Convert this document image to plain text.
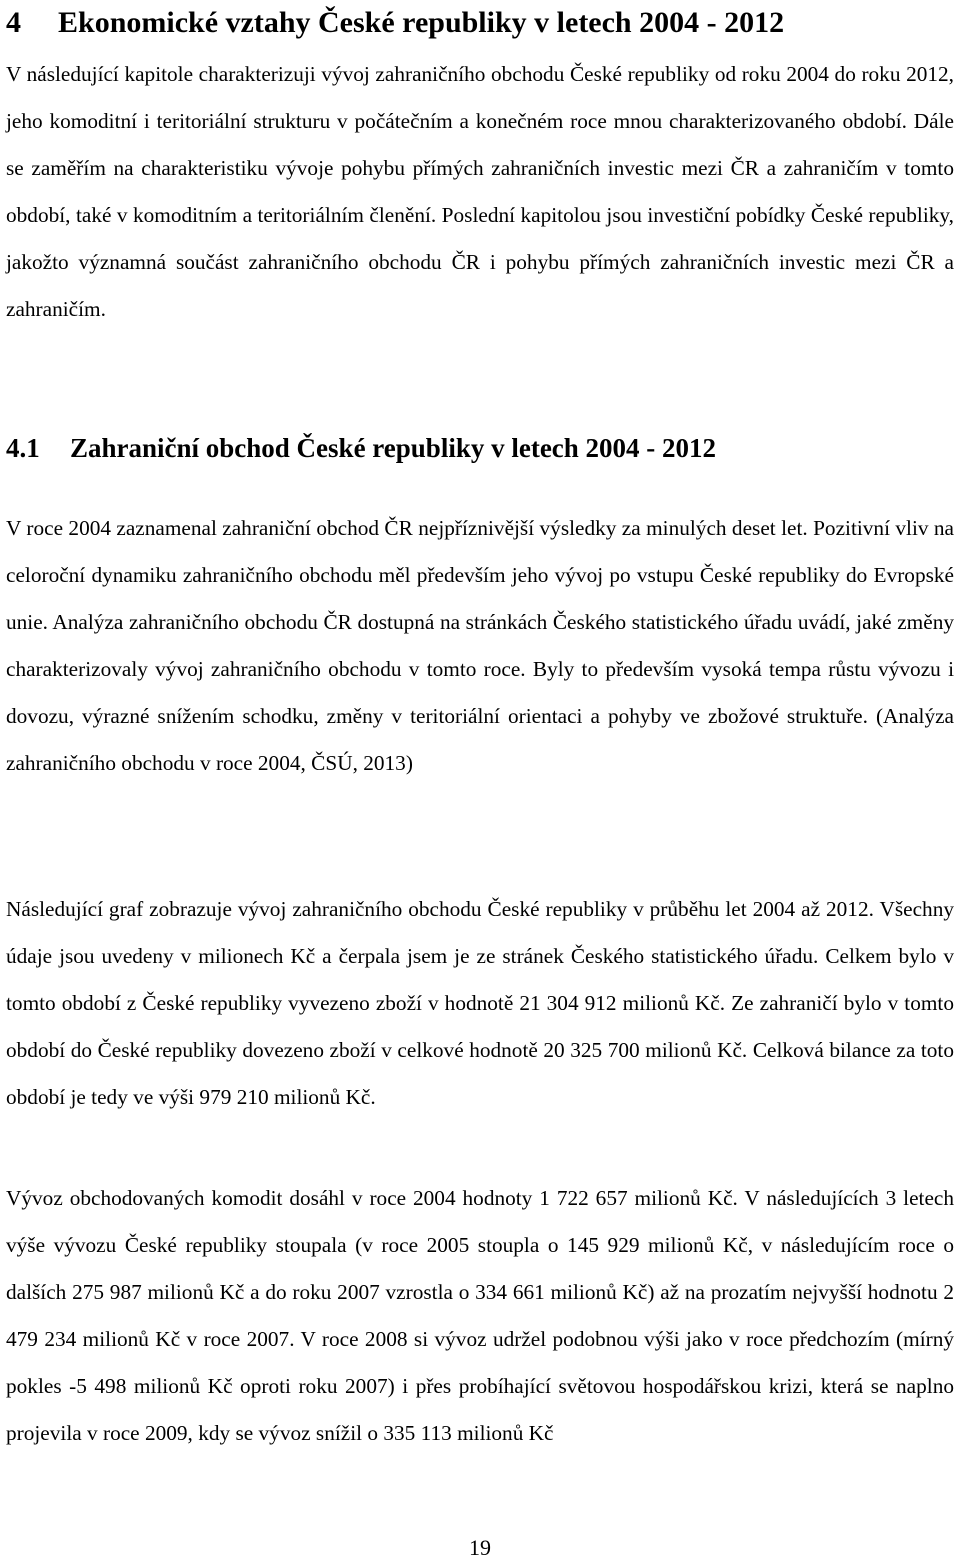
4 Ekonomické vztahy České republiky v letech 2004 - 2012

V následující kapitole charakterizuji vývoj zahraničního obchodu České republiky od roku 2004 do roku 2012, jeho komoditní i teritoriální strukturu v počátečním a konečném roce mnou charakterizovaného období. Dále se zaměřím na charakteristiku vývoje pohybu přímých zahraničních investic mezi ČR a zahraničím v tomto období, také v komoditním a teritoriálním členění. Poslední kapitolou jsou investiční pobídky České republiky, jakožto významná součást zahraničního obchodu ČR i pohybu přímých zahraničních investic mezi ČR a zahraničím.

4.1 Zahraniční obchod České republiky v letech 2004 - 2012

V roce 2004 zaznamenal zahraniční obchod ČR nejpříznivější výsledky za minulých deset let. Pozitivní vliv na celoroční dynamiku zahraničního obchodu měl především jeho vývoj po vstupu České republiky do Evropské unie. Analýza zahraničního obchodu ČR dostupná na stránkách Českého statistického úřadu uvádí, jaké změny charakterizovaly vývoj zahraničního obchodu v tomto roce. Byly to především vysoká tempa růstu vývozu i dovozu, výrazné snížením schodku, změny v teritoriální orientaci a pohyby ve zbožové struktuře. (Analýza zahraničního obchodu v roce 2004, ČSÚ, 2013)

Následující graf zobrazuje vývoj zahraničního obchodu České republiky v průběhu let 2004 až 2012. Všechny údaje jsou uvedeny v milionech Kč a čerpala jsem je ze stránek Českého statistického úřadu. Celkem bylo v tomto období z České republiky vyvezeno zboží v hodnotě 21 304 912 milionů Kč. Ze zahraničí bylo v tomto období do České republiky dovezeno zboží v celkové hodnotě 20 325 700 milionů Kč. Celková bilance za toto období je tedy ve výši 979 210 milionů Kč.

Vývoz obchodovaných komodit dosáhl v roce 2004 hodnoty 1 722 657 milionů Kč. V následujících 3 letech výše vývozu České republiky stoupala (v roce 2005 stoupla o 145 929 milionů Kč, v následujícím roce o dalších 275 987 milionů Kč a do roku 2007 vzrostla o 334 661 milionů Kč) až na prozatím nejvyšší hodnotu 2 479 234 milionů Kč v roce 2007. V roce 2008 si vývoz udržel podobnou výši jako v roce předchozím (mírný pokles -5 498 milionů Kč oproti roku 2007) i přes probíhající světovou hospodářskou krizi, která se naplno projevila v roce 2009, kdy se vývoz snížil o 335 113 milionů Kč

19
